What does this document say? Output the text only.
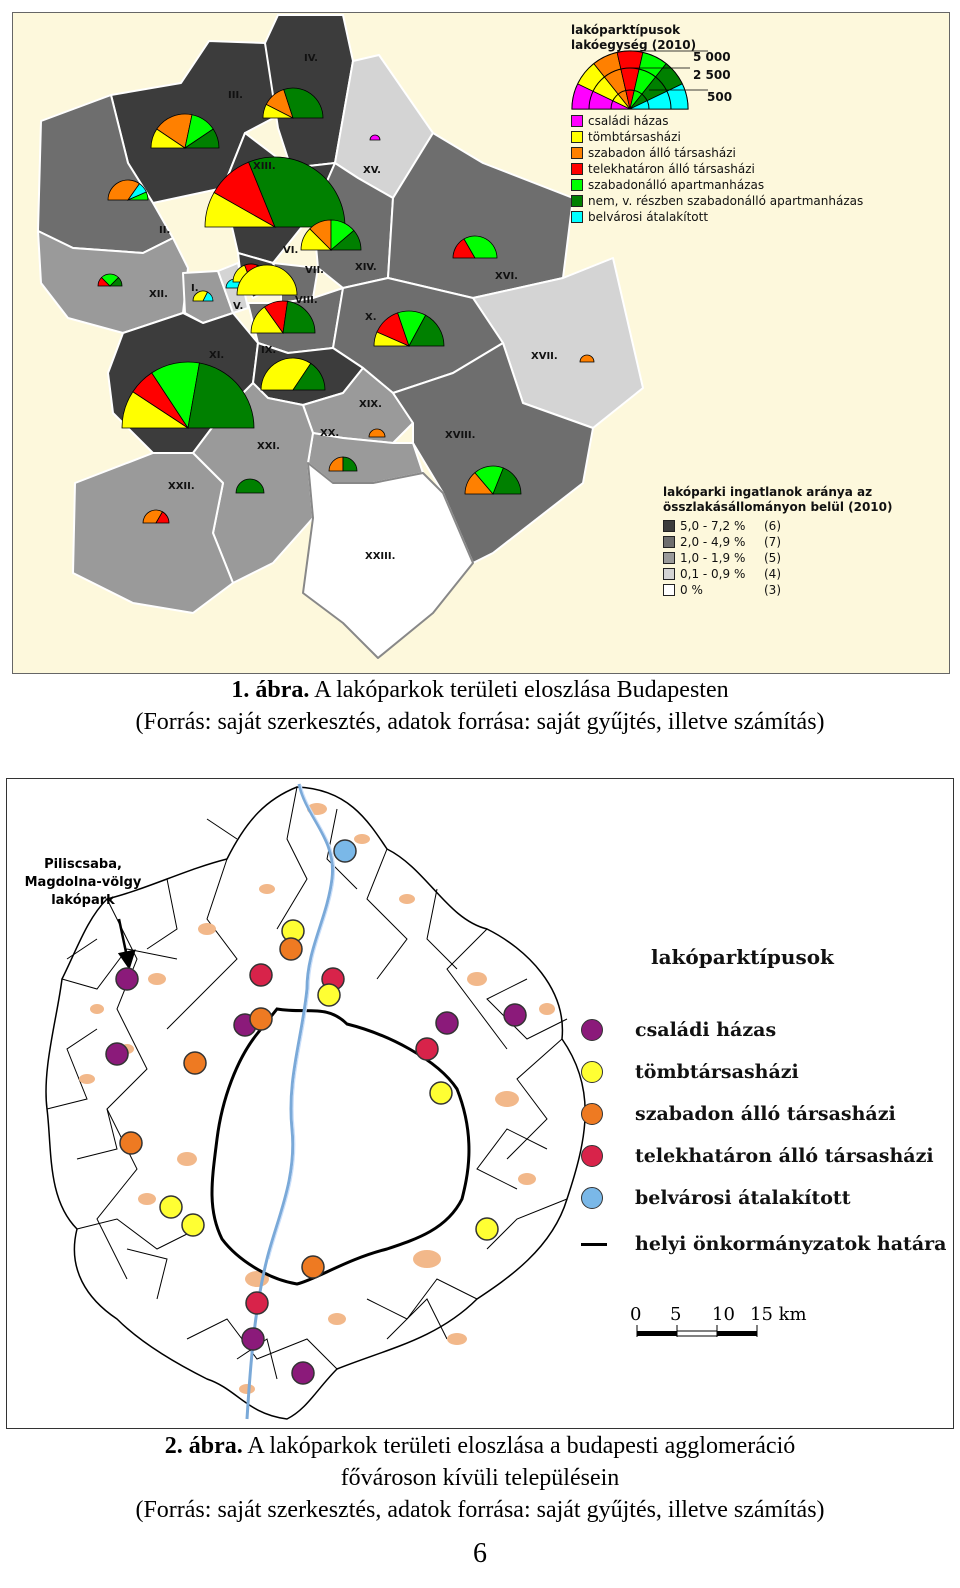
IV.
III.
XIII.	XV.
II.
VI.
VII.	XIV.
XVI.
XII.
I.
V.
VIII.
X.
IX.
XI.	XVII.
XIX.
XX.	XVIII.
XXI.
XXII.
XXIII.
lakóparktípusok
lakóegység (2010)
5 000
2 500
500
családi házas
tömbtársasházi
szabadon álló társasházi
telekhatáron álló társasházi
szabadonálló apartmanházas
nem, v. részben szabadonálló apartmanházas
belvárosi átalakított
lakóparki ingatlanok aránya az
összlakásállományon belül (2010)
5,0 - 7,2 %	(6)
2,0 - 4,9 %	(7)
1,0 - 1,9 %	(5)
0,1 - 0,9 %	(4)
0 %	(3)
1. ábra. A lakóparkok területi eloszlása Budapesten
(Forrás: saját szerkesztés, adatok forrása: saját gyűjtés, illetve számítás)
Piliscsaba,
Magdolna-völgy
lakópark
lakóparktípusok
családi házas
tömbtársasházi
szabadon álló társasházi
telekhatáron álló társasházi
belvárosi átalakított
helyi önkormányzatok határa
0 5 10 15 km
2. ábra. A lakóparkok területi eloszlása a budapesti agglomeráció
fővároson kívüli településein
(Forrás: saját szerkesztés, adatok forrása: saját gyűjtés, illetve számítás)
6
